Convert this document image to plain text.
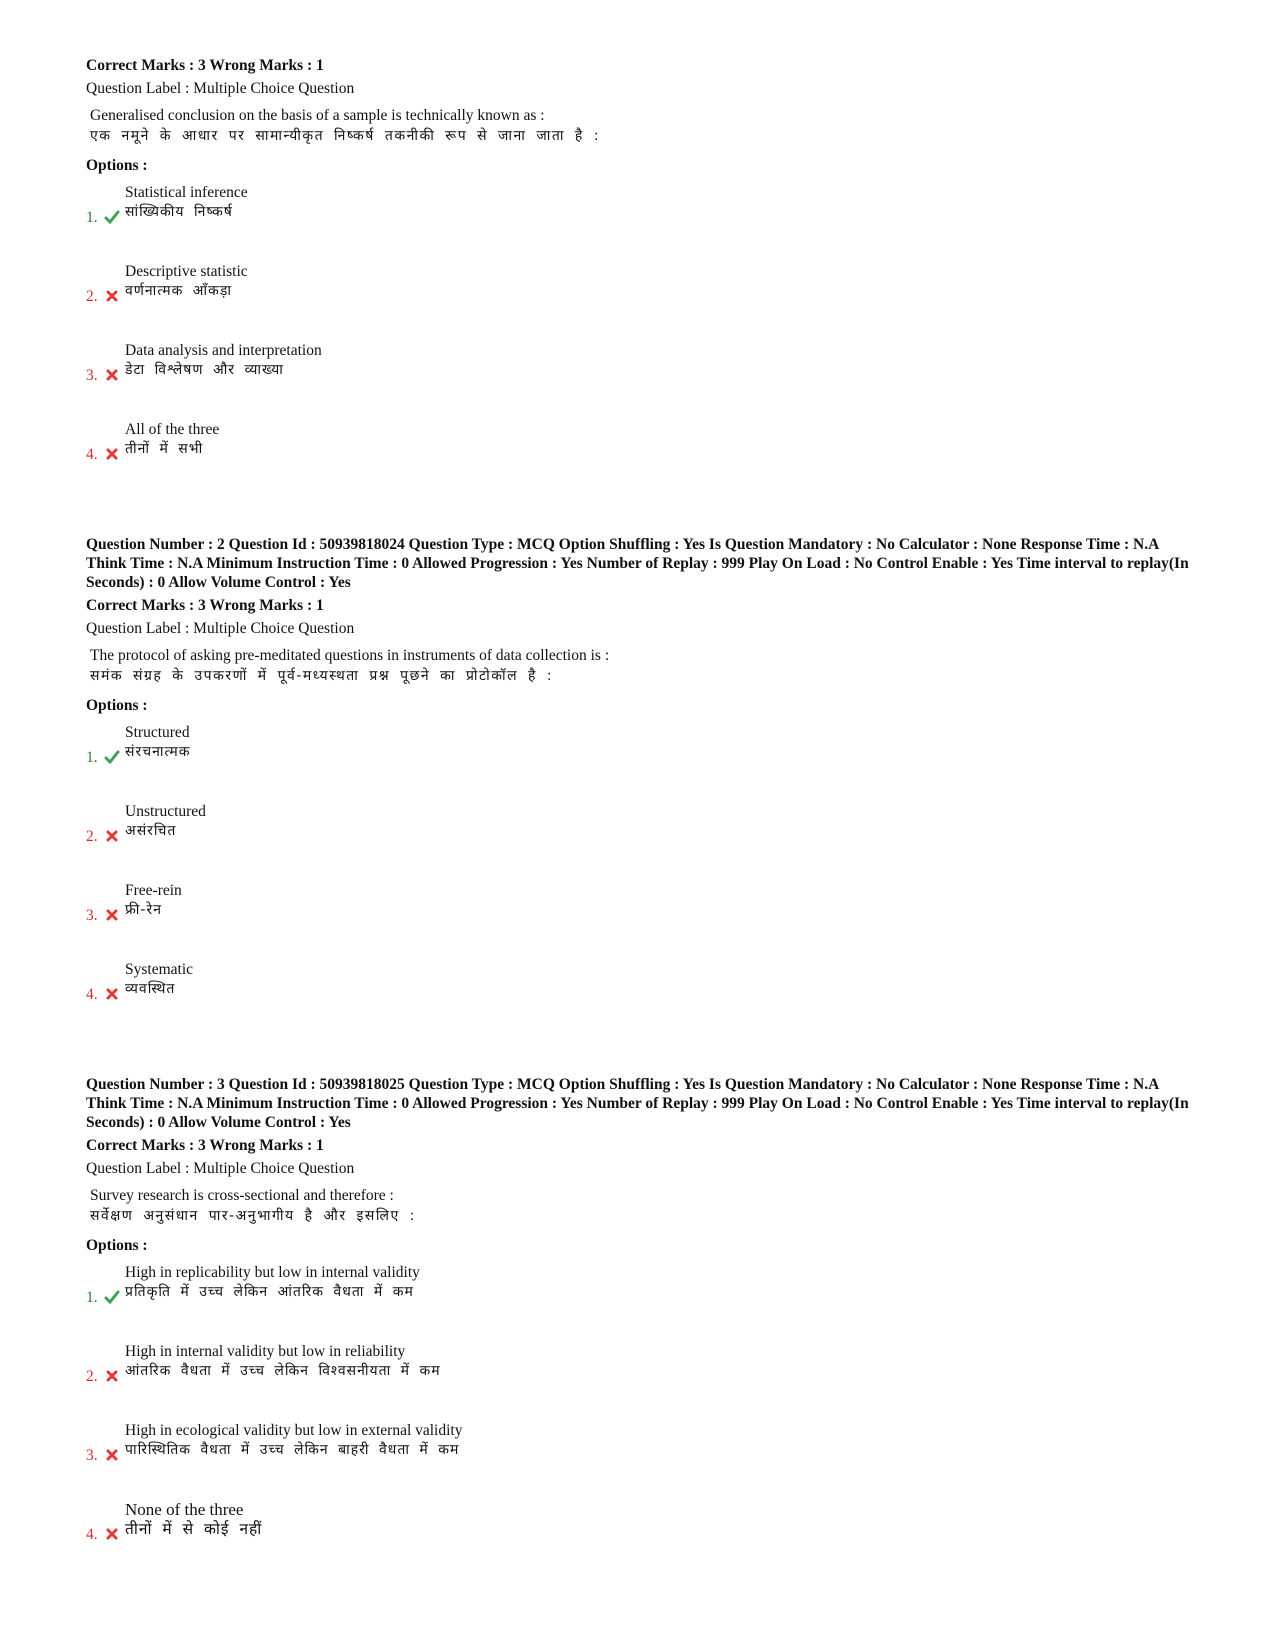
Correct Marks : 3 Wrong Marks : 1

Question Label : Multiple Choice Question

Generalised conclusion on the basis of a sample is technically known as :
एक नमूने के आधार पर सामान्यीकृत निष्कर्ष तकनीकी रूप से जाना जाता है :

Options :

1.
Statistical inference
सांख्यिकीय निष्कर्ष
2.
Descriptive statistic
वर्णनात्मक आँकड़ा
3.
Data analysis and interpretation
डेटा विश्लेषण और व्याख्या
4.
All of the three
तीनों में सभी

Question Number : 2 Question Id : 50939818024 Question Type : MCQ Option Shuffling : Yes Is Question Mandatory : No Calculator : None Response Time : N.A Think Time : N.A Minimum Instruction Time : 0 Allowed Progression : Yes Number of Replay : 999 Play On Load : No Control Enable : Yes Time interval to replay(In Seconds) : 0 Allow Volume Control : Yes

Correct Marks : 3 Wrong Marks : 1

Question Label : Multiple Choice Question

The protocol of asking pre-meditated questions in instruments of data collection is :
समंक संग्रह के उपकरणों में पूर्व-मध्यस्थता प्रश्न पूछने का प्रोटोकॉल है :

Options :

1.
Structured
संरचनात्मक
2.
Unstructured
असंरचित
3.
Free-rein
फ्री-रेन
4.
Systematic
व्यवस्थित

Question Number : 3 Question Id : 50939818025 Question Type : MCQ Option Shuffling : Yes Is Question Mandatory : No Calculator : None Response Time : N.A Think Time : N.A Minimum Instruction Time : 0 Allowed Progression : Yes Number of Replay : 999 Play On Load : No Control Enable : Yes Time interval to replay(In Seconds) : 0 Allow Volume Control : Yes

Correct Marks : 3 Wrong Marks : 1

Question Label : Multiple Choice Question

Survey research is cross-sectional and therefore :
सर्वेक्षण अनुसंधान पार-अनुभागीय है और इसलिए :

Options :

1.
High in replicability but low in internal validity
प्रतिकृति में उच्च लेकिन आंतरिक वैधता में कम
2.
High in internal validity but low in reliability
आंतरिक वैधता में उच्च लेकिन विश्वसनीयता में कम
3.
High in ecological validity but low in external validity
पारिस्थितिक वैधता में उच्च लेकिन बाहरी वैधता में कम
4.
None of the three
तीनों में से कोई नहीं
